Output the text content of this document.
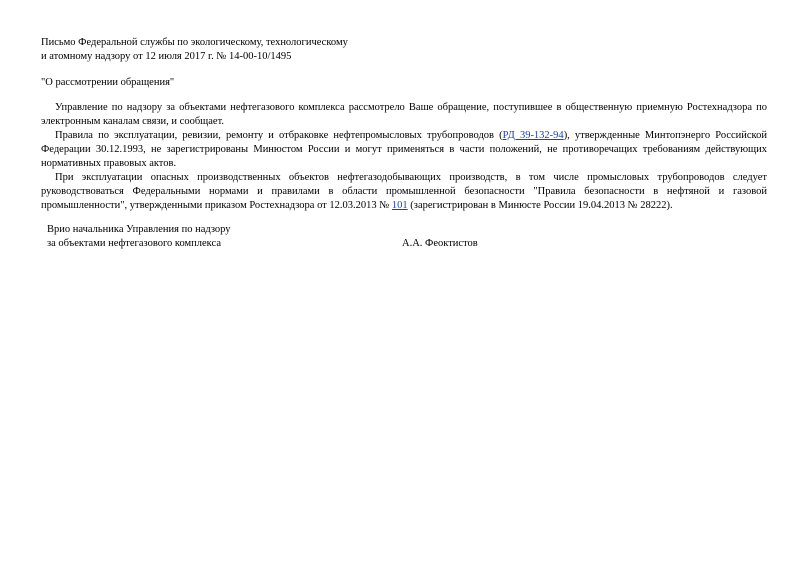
Письмо Федеральной службы по экологическому, технологическому
и атомному надзору от 12 июля 2017 г. № 14-00-10/1495
"О рассмотрении обращения"

Управление по надзору за объектами нефтегазового комплекса рассмотрело Ваше обращение, поступившее в общественную приемную Ростехнадзора по электронным каналам связи, и сообщает.

Правила по эксплуатации, ревизии, ремонту и отбраковке нефтепромысловых трубопроводов (РД 39-132-94), утвержденные Минтопэнерго Российской Федерации 30.12.1993, не зарегистрированы Минюстом России и могут применяться в части положений, не противоречащих требованиям действующих нормативных правовых актов.

При эксплуатации опасных производственных объектов нефтегазодобывающих производств, в том числе промысловых трубопроводов следует руководствоваться Федеральными нормами и правилами в области промышленной безопасности "Правила безопасности в нефтяной и газовой промышленности", утвержденными приказом Ростехнадзора от 12.03.2013 № 101 (зарегистрирован в Минюсте России 19.04.2013 № 28222).

Врио начальника Управления по надзору
за объектами нефтегазового комплекса	А.А. Феоктистов
